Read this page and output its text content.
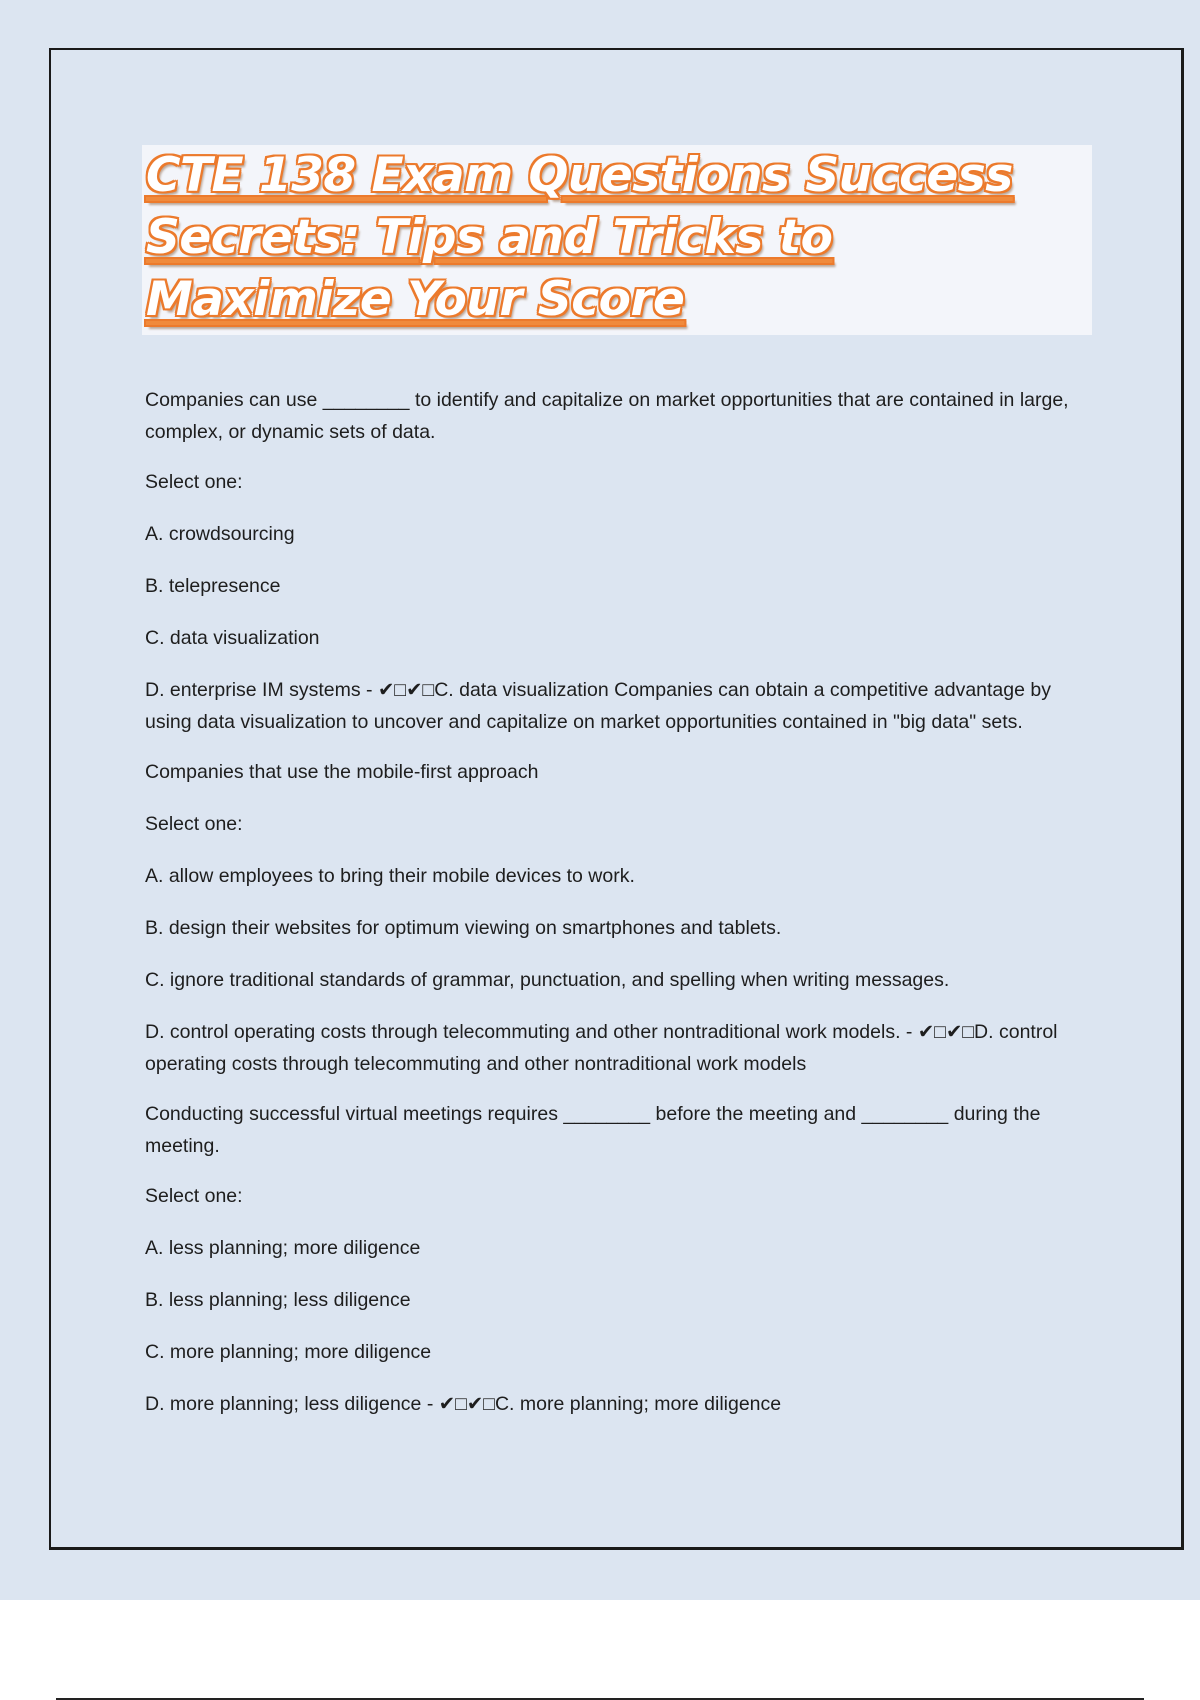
CTE 138 Exam Questions Success Secrets: Tips and Tricks to Maximize Your Score

Companies can use ________ to identify and capitalize on market opportunities that are contained in large, complex, or dynamic sets of data.

Select one:

A. crowdsourcing

B. telepresence

C. data visualization

D. enterprise IM systems - ✔□✔□C. data visualization Companies can obtain a competitive advantage by using data visualization to uncover and capitalize on market opportunities contained in "big data" sets.

Companies that use the mobile-first approach

Select one:

A. allow employees to bring their mobile devices to work.

B. design their websites for optimum viewing on smartphones and tablets.

C. ignore traditional standards of grammar, punctuation, and spelling when writing messages.

D. control operating costs through telecommuting and other nontraditional work models. - ✔□✔□D. control operating costs through telecommuting and other nontraditional work models

Conducting successful virtual meetings requires ________ before the meeting and ________ during the meeting.

Select one:

A. less planning; more diligence

B. less planning; less diligence

C. more planning; more diligence

D. more planning; less diligence - ✔□✔□C. more planning; more diligence
